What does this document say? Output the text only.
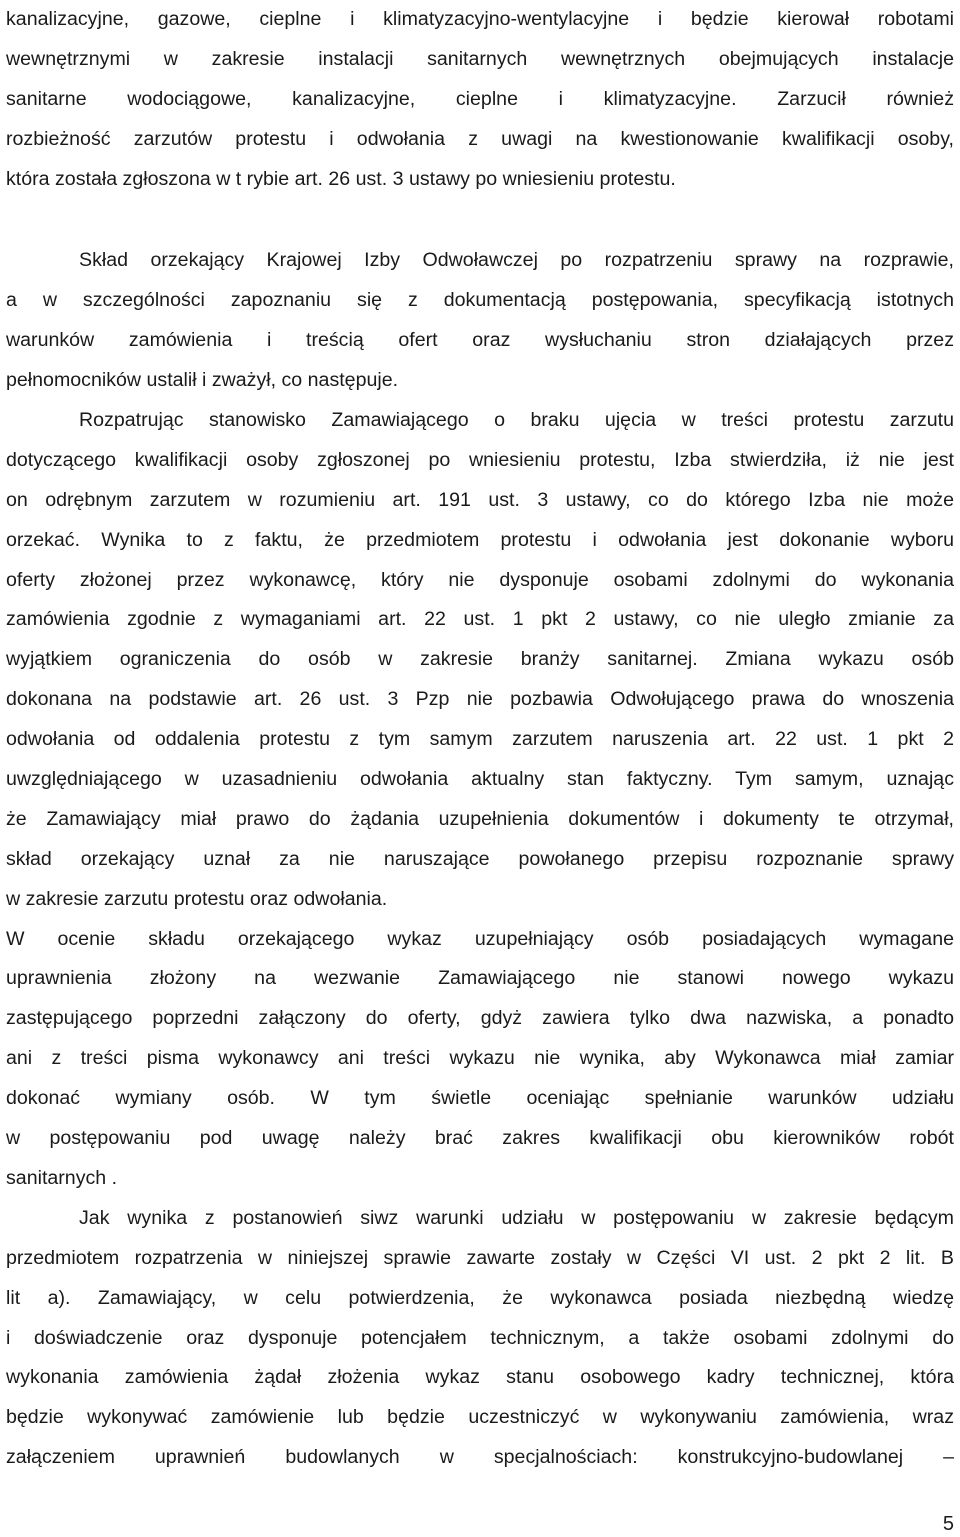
kanalizacyjne, gazowe, cieplne i klimatyzacyjno-wentylacyjne i będzie kierował robotami
wewnętrznymi w zakresie instalacji sanitarnych wewnętrznych obejmujących instalacje
sanitarne wodociągowe, kanalizacyjne, cieplne i klimatyzacyjne. Zarzucił również
rozbieżność zarzutów protestu i odwołania z uwagi na kwestionowanie kwalifikacji osoby,
która została zgłoszona w t rybie art. 26 ust. 3 ustawy po wniesieniu protestu.
Skład orzekający Krajowej Izby Odwoławczej po rozpatrzeniu sprawy na rozprawie,
a w szczególności zapoznaniu się z dokumentacją postępowania, specyfikacją istotnych
warunków zamówienia i treścią ofert oraz wysłuchaniu stron działających przez
pełnomocników ustalił i zważył, co następuje.
Rozpatrując stanowisko Zamawiającego o braku ujęcia w treści protestu zarzutu
dotyczącego kwalifikacji osoby zgłoszonej po wniesieniu protestu, Izba stwierdziła, iż nie jest
on odrębnym zarzutem w rozumieniu art. 191 ust. 3 ustawy, co do którego Izba nie może
orzekać. Wynika to z faktu, że przedmiotem protestu i odwołania jest dokonanie wyboru
oferty złożonej przez wykonawcę, który nie dysponuje osobami zdolnymi do wykonania
zamówienia zgodnie z wymaganiami art. 22 ust. 1 pkt 2 ustawy, co nie uległo zmianie za
wyjątkiem ograniczenia do osób w zakresie branży sanitarnej. Zmiana wykazu osób
dokonana na podstawie art. 26 ust. 3 Pzp nie pozbawia Odwołującego prawa do wnoszenia
odwołania od oddalenia protestu z tym samym zarzutem naruszenia art. 22 ust. 1 pkt 2
uwzględniającego w uzasadnieniu odwołania aktualny stan faktyczny. Tym samym, uznając
że Zamawiający miał prawo do żądania uzupełnienia dokumentów i dokumenty te otrzymał,
skład orzekający uznał za nie naruszające powołanego przepisu rozpoznanie sprawy
w zakresie zarzutu protestu oraz odwołania.
W ocenie składu orzekającego wykaz uzupełniający osób posiadających wymagane
uprawnienia złożony na wezwanie Zamawiającego nie stanowi nowego wykazu
zastępującego poprzedni załączony do oferty, gdyż zawiera tylko dwa nazwiska, a ponadto
ani z treści pisma wykonawcy ani treści wykazu nie wynika, aby Wykonawca miał zamiar
dokonać wymiany osób. W tym świetle oceniając spełnianie warunków udziału
w postępowaniu pod uwagę należy brać zakres kwalifikacji obu kierowników robót
sanitarnych .
Jak wynika z postanowień siwz warunki udziału w postępowaniu w zakresie będącym
przedmiotem rozpatrzenia w niniejszej sprawie zawarte zostały w Części VI ust. 2 pkt 2 lit. B
lit a). Zamawiający, w celu potwierdzenia, że wykonawca posiada niezbędną wiedzę
i doświadczenie oraz dysponuje potencjałem technicznym, a także osobami zdolnymi do
wykonania zamówienia żądał złożenia wykaz stanu osobowego kadry technicznej, która
będzie wykonywać zamówienie lub będzie uczestniczyć w wykonywaniu zamówienia, wraz
załączeniem uprawnień budowlanych w specjalnościach: konstrukcyjno-budowlanej –
5
